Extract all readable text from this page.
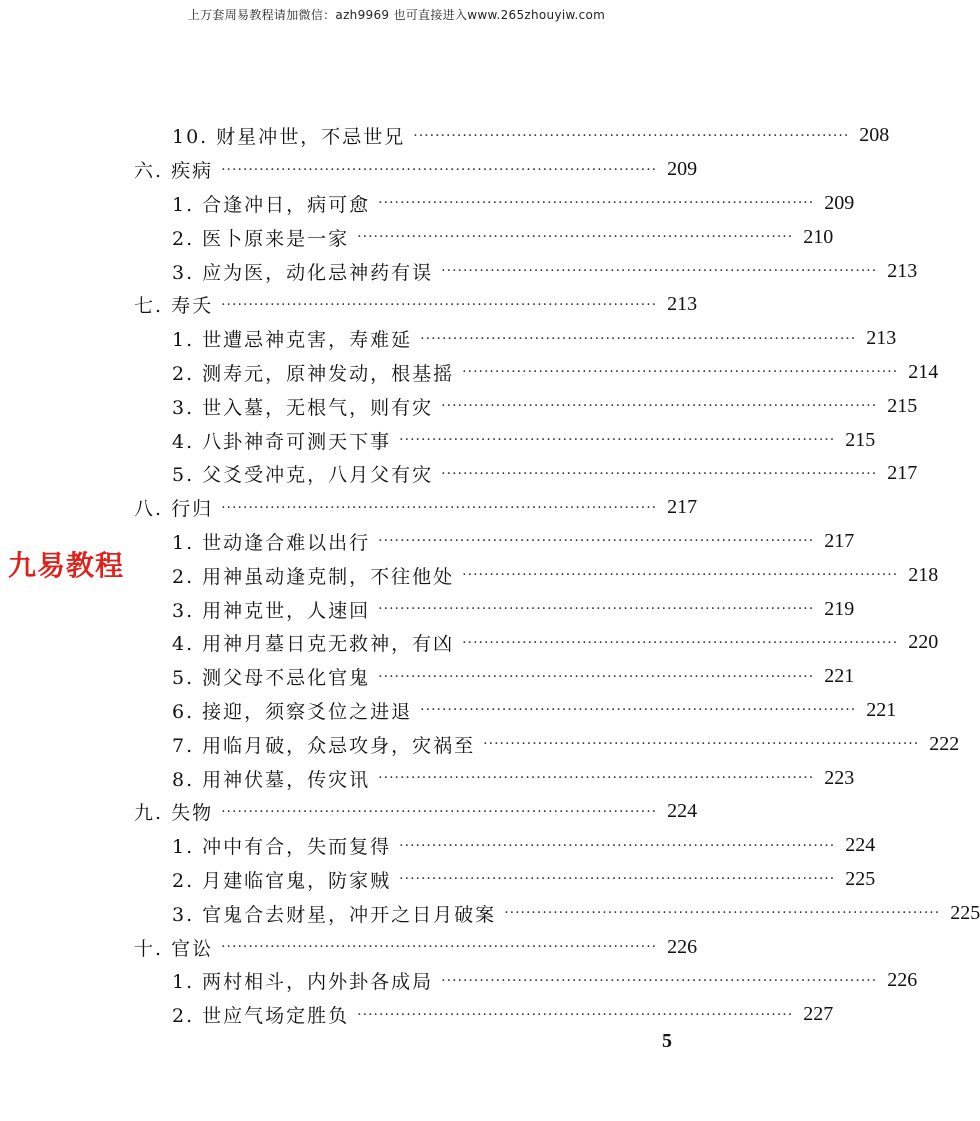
上万套周易教程请加微信：azh9969 也可直接进入www.265zhouyiw.com
九易教程
10. 财星冲世，不忌世兄 ················································································ 208
六. 疾病 ················································································ 209
1. 合逢冲日，病可愈 ················································································ 209
2. 医卜原来是一家 ················································································ 210
3. 应为医，动化忌神药有误 ················································································ 213
七. 寿夭 ················································································ 213
1. 世遭忌神克害，寿难延 ················································································ 213
2. 测寿元，原神发动，根基摇 ················································································ 214
3. 世入墓，无根气，则有灾 ················································································ 215
4. 八卦神奇可测天下事 ················································································ 215
5. 父爻受冲克，八月父有灾 ················································································ 217
八. 行归 ················································································ 217
1. 世动逢合难以出行 ················································································ 217
2. 用神虽动逢克制，不往他处 ················································································ 218
3. 用神克世，人速回 ················································································ 219
4. 用神月墓日克无救神，有凶 ················································································ 220
5. 测父母不忌化官鬼 ················································································ 221
6. 接迎，须察爻位之进退 ················································································ 221
7. 用临月破，众忌攻身，灾祸至 ················································································ 222
8. 用神伏墓，传灾讯 ················································································ 223
九. 失物 ················································································ 224
1. 冲中有合，失而复得 ················································································ 224
2. 月建临官鬼，防家贼 ················································································ 225
3. 官鬼合去财星，冲开之日月破案 ················································································ 225
十. 官讼 ················································································ 226
1. 两村相斗，内外卦各成局 ················································································ 226
2. 世应气场定胜负 ················································································ 227
5
